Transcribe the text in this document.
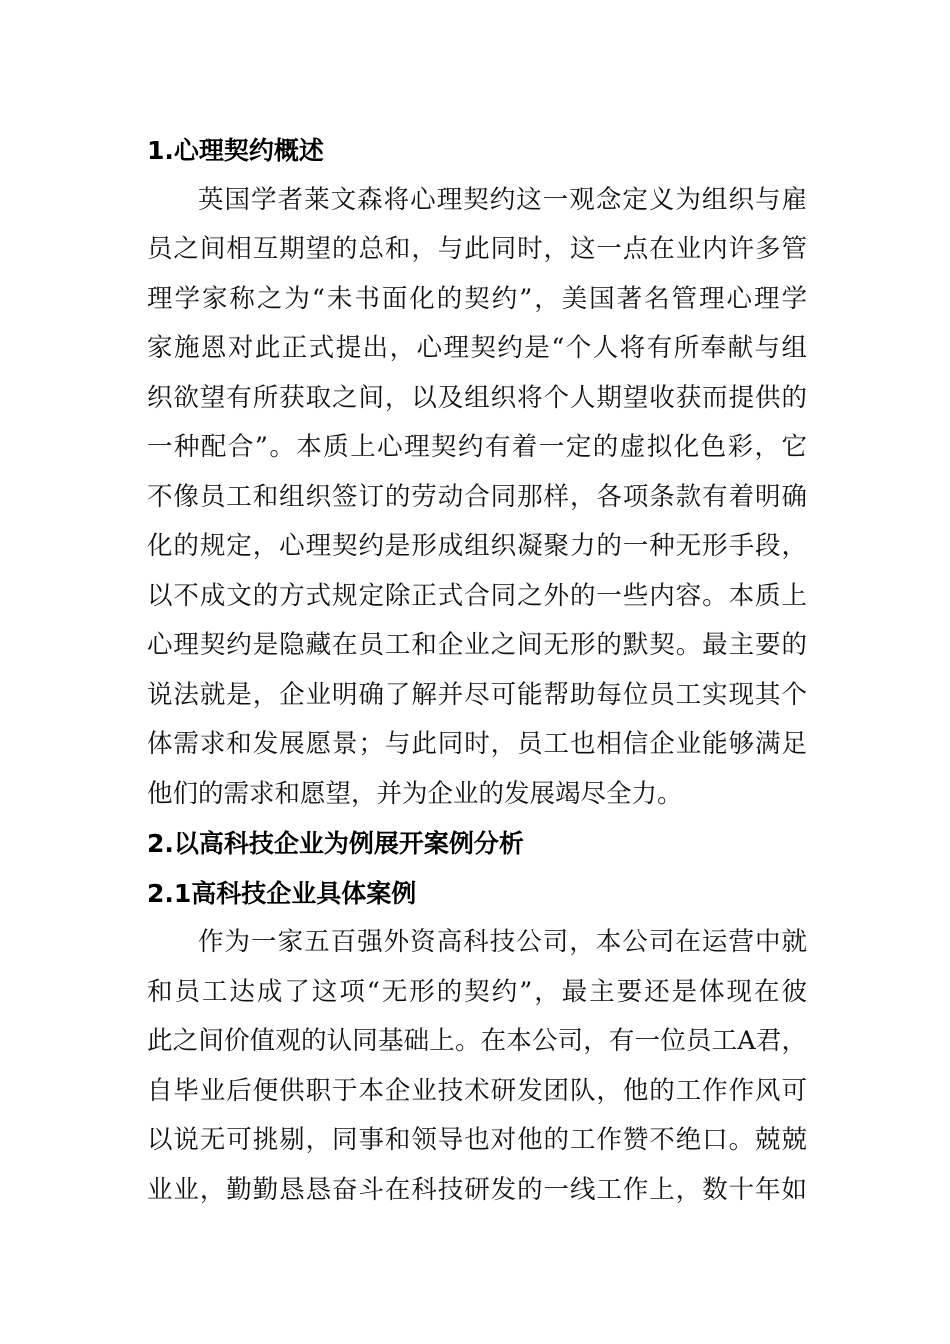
1.心理契约概述
英国学者莱文森将心理契约这一观念定义为组织与雇
员之间相互期望的总和，与此同时，这一点在业内许多管
理学家称之为“未书面化的契约”，美国著名管理心理学
家施恩对此正式提出，心理契约是“个人将有所奉献与组
织欲望有所获取之间，以及组织将个人期望收获而提供的
一种配合”。本质上心理契约有着一定的虚拟化色彩，它
不像员工和组织签订的劳动合同那样，各项条款有着明确
化的规定，心理契约是形成组织凝聚力的一种无形手段，
以不成文的方式规定除正式合同之外的一些内容。本质上
心理契约是隐藏在员工和企业之间无形的默契。最主要的
说法就是，企业明确了解并尽可能帮助每位员工实现其个
体需求和发展愿景；与此同时，员工也相信企业能够满足
他们的需求和愿望，并为企业的发展竭尽全力。
2.以高科技企业为例展开案例分析
2.1高科技企业具体案例
作为一家五百强外资高科技公司，本公司在运营中就
和员工达成了这项“无形的契约”，最主要还是体现在彼
此之间价值观的认同基础上。在本公司，有一位员工A君，
自毕业后便供职于本企业技术研发团队，他的工作作风可
以说无可挑剔，同事和领导也对他的工作赞不绝口。兢兢
业业，勤勤恳恳奋斗在科技研发的一线工作上，数十年如
